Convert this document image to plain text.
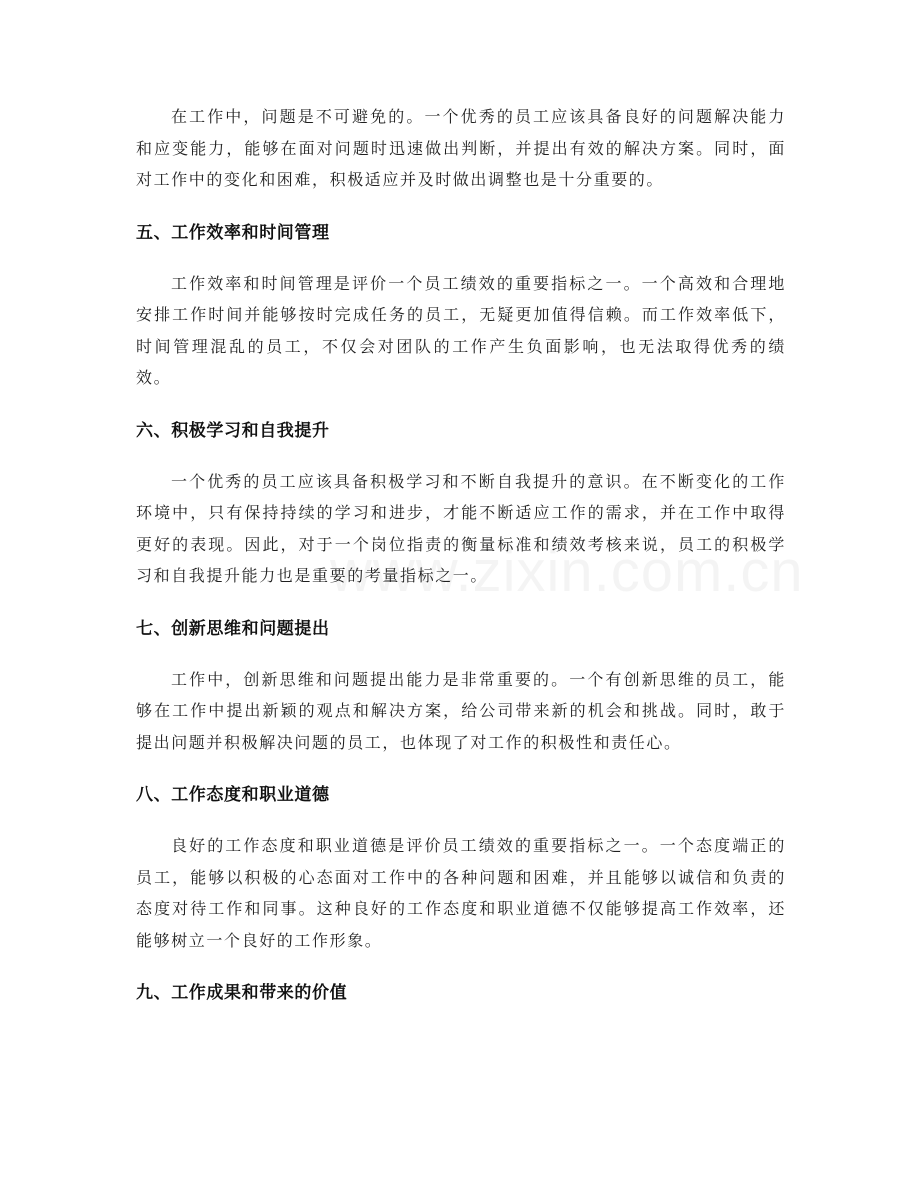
在工作中，问题是不可避免的。一个优秀的员工应该具备良好的问题解决能力和应变能力，能够在面对问题时迅速做出判断，并提出有效的解决方案。同时，面对工作中的变化和困难，积极适应并及时做出调整也是十分重要的。

五、工作效率和时间管理

工作效率和时间管理是评价一个员工绩效的重要指标之一。一个高效和合理地安排工作时间并能够按时完成任务的员工，无疑更加值得信赖。而工作效率低下，时间管理混乱的员工，不仅会对团队的工作产生负面影响，也无法取得优秀的绩效。

六、积极学习和自我提升

一个优秀的员工应该具备积极学习和不断自我提升的意识。在不断变化的工作环境中，只有保持持续的学习和进步，才能不断适应工作的需求，并在工作中取得更好的表现。因此，对于一个岗位指责的衡量标准和绩效考核来说，员工的积极学习和自我提升能力也是重要的考量指标之一。

七、创新思维和问题提出

工作中，创新思维和问题提出能力是非常重要的。一个有创新思维的员工，能够在工作中提出新颖的观点和解决方案，给公司带来新的机会和挑战。同时，敢于提出问题并积极解决问题的员工，也体现了对工作的积极性和责任心。

八、工作态度和职业道德

良好的工作态度和职业道德是评价员工绩效的重要指标之一。一个态度端正的员工，能够以积极的心态面对工作中的各种问题和困难，并且能够以诚信和负责的态度对待工作和同事。这种良好的工作态度和职业道德不仅能够提高工作效率，还能够树立一个良好的工作形象。

九、工作成果和带来的价值
